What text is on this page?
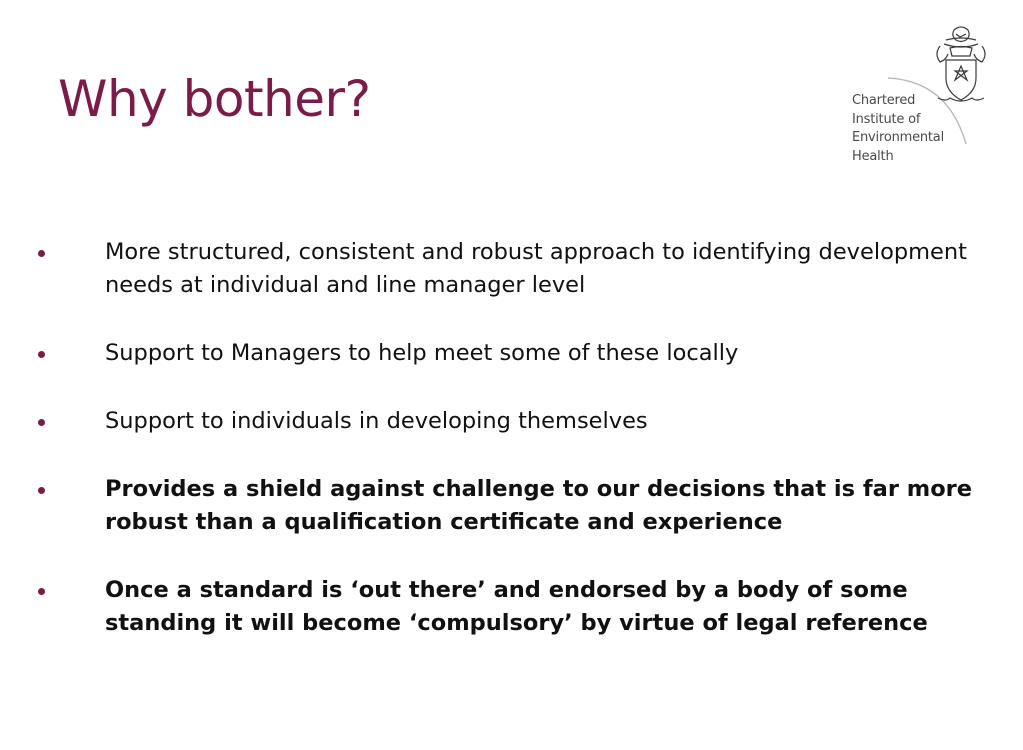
Why bother?	Chartered
Institute of
Environmental
Health
More structured, consistent and robust approach to identifying development needs at individual and line manager level
Support to Managers to help meet some of these locally
Support to individuals in developing themselves
Provides a shield against challenge to our decisions that is far more robust than a qualification certificate and experience
Once a standard is ‘out there’ and endorsed by a body of some standing it will become ‘compulsory’ by virtue of legal reference
